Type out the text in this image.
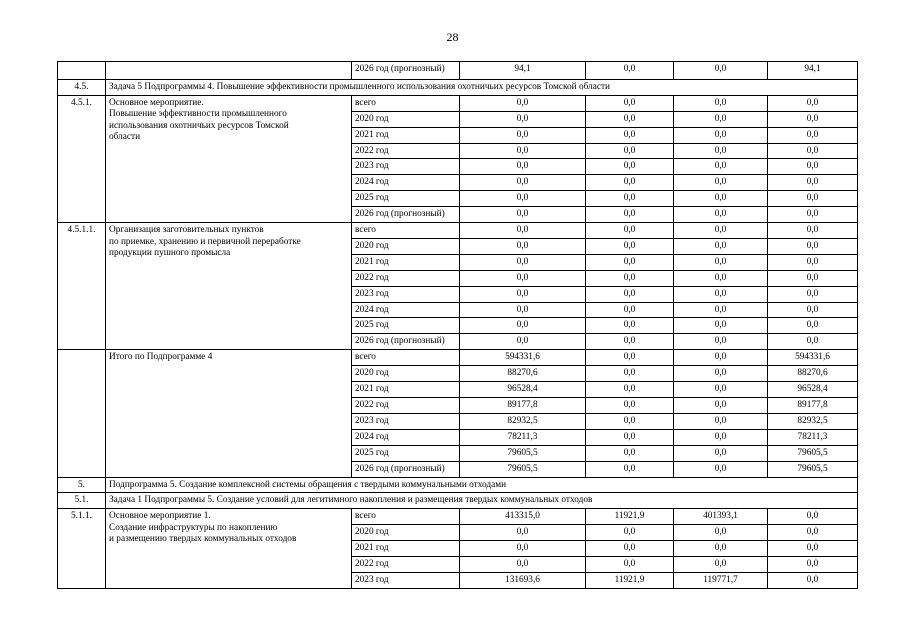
28
		2026 год (прогнозный)	94,1	0,0	0,0	94,1
4.5.	Задача 5 Подпрограммы 4. Повышение эффективности промышленного использования охотничьих ресурсов Томской области					
4.5.1.	Основное мероприятие.
Повышение эффективности промышленного
использования охотничьих ресурсов Томской
области	всего	0,0	0,0	0,0	0,0
		2020 год	0,0	0,0	0,0	0,0
		2021 год	0,0	0,0	0,0	0,0
		2022 год	0,0	0,0	0,0	0,0
		2023 год	0,0	0,0	0,0	0,0
		2024 год	0,0	0,0	0,0	0,0
		2025 год	0,0	0,0	0,0	0,0
		2026 год (прогнозный)	0,0	0,0	0,0	0,0
4.5.1.1.	Организация заготовительных пунктов
по приемке, хранению и первичной переработке
продукции пушного промысла	всего	0,0	0,0	0,0	0,0
		2020 год	0,0	0,0	0,0	0,0
		2021 год	0,0	0,0	0,0	0,0
		2022 год	0,0	0,0	0,0	0,0
		2023 год	0,0	0,0	0,0	0,0
		2024 год	0,0	0,0	0,0	0,0
		2025 год	0,0	0,0	0,0	0,0
		2026 год (прогнозный)	0,0	0,0	0,0	0,0

	Итого по Подпрограмме 4	всего	594331,6	0,0	0,0	594331,6
		2020 год	88270,6	0,0	0,0	88270,6
		2021 год	96528,4	0,0	0,0	96528,4
		2022 год	89177,8	0,0	0,0	89177,8
		2023 год	82932,5	0,0	0,0	82932,5
		2024 год	78211,3	0,0	0,0	78211,3
		2025 год	79605,5	0,0	0,0	79605,5
		2026 год (прогнозный)	79605,5	0,0	0,0	79605,5
5.	Подпрограмма 5. Создание комплексной системы обращения с твердыми коммунальными отходами					
5.1.	Задача 1 Подпрограммы 5. Создание условий для легитимного накопления и размещения твердых коммунальных отходов					
5.1.1.	Основное мероприятие 1.
Создание инфраструктуры по накоплению
и размещению твердых коммунальных отходов	всего	413315,0	11921,9	401393,1	0,0
		2020 год	0,0	0,0	0,0	0,0
		2021 год	0,0	0,0	0,0	0,0
		2022 год	0,0	0,0	0,0	0,0
		2023 год	131693,6	11921,9	119771,7	0,0
